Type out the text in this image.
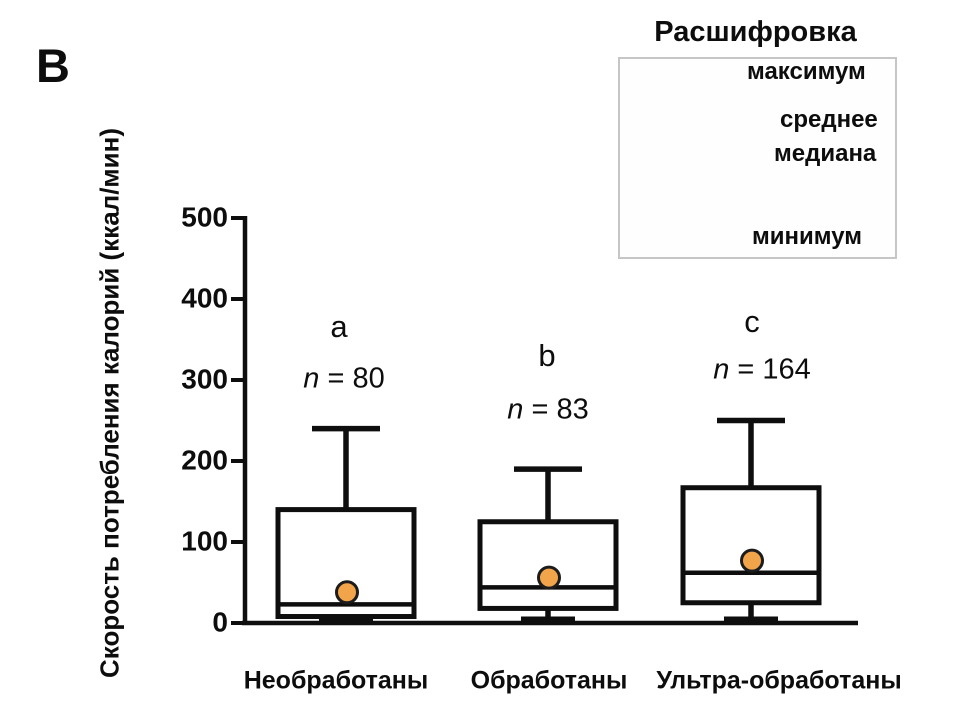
В
Скорость потребления калорий (ккал/мин)
Расшифровка
максимум
среднее
медиана
минимум
0
100
200
300
400
500
a
n = 80
Необработаны
b
n = 83
Обработаны
c
n = 164
Ультра-обработаны
